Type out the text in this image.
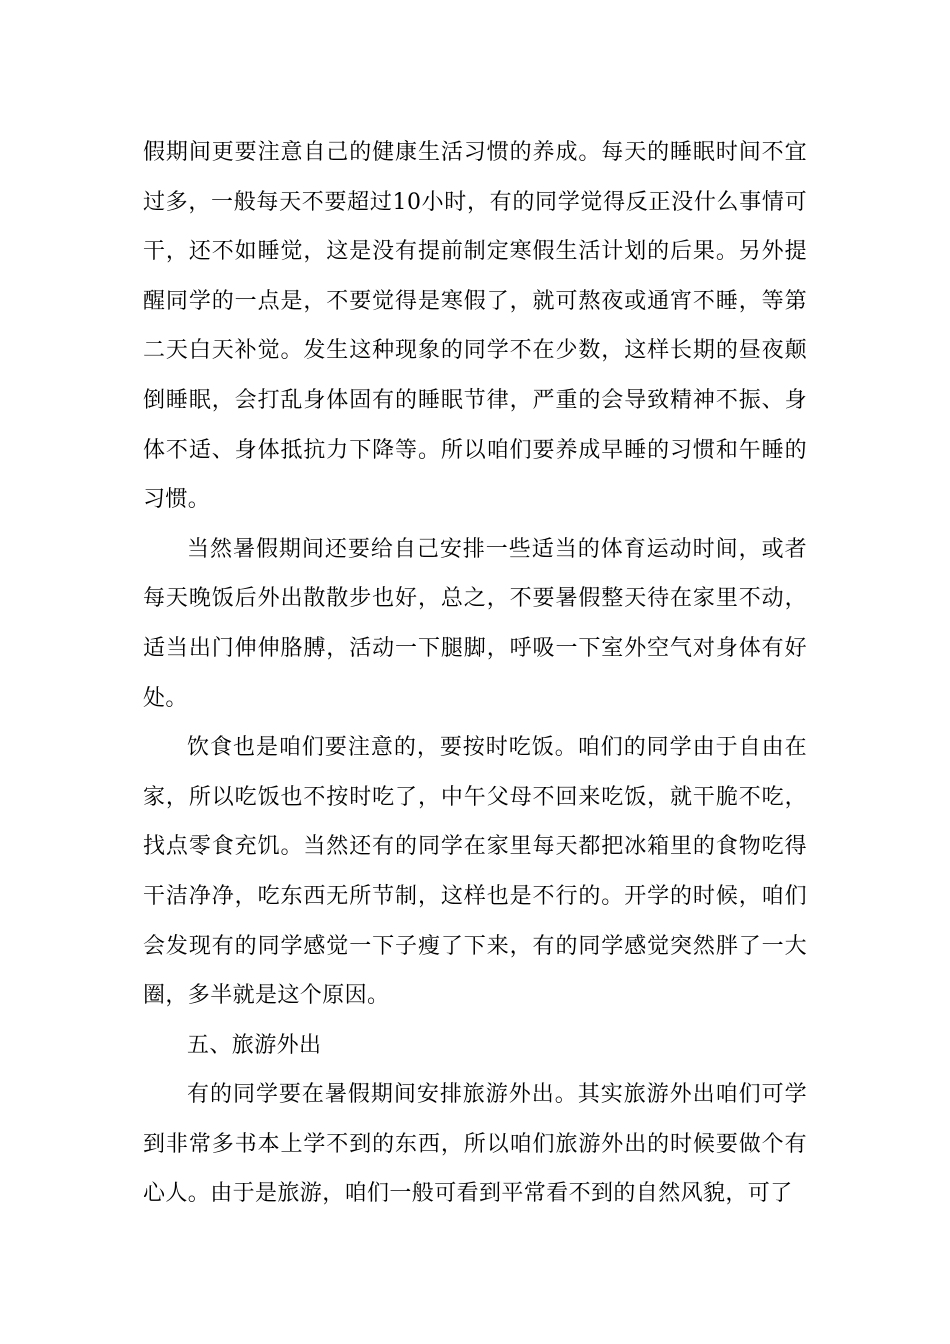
假期间更要注意自己的健康生活习惯的养成。每天的睡眠时间不宜过多，一般每天不要超过10小时，有的同学觉得反正没什么事情可干，还不如睡觉，这是没有提前制定寒假生活计划的后果。另外提醒同学的一点是，不要觉得是寒假了，就可熬夜或通宵不睡，等第二天白天补觉。发生这种现象的同学不在少数，这样长期的昼夜颠倒睡眠，会打乱身体固有的睡眠节律，严重的会导致精神不振、身体不适、身体抵抗力下降等。所以咱们要养成早睡的习惯和午睡的习惯。

当然暑假期间还要给自己安排一些适当的体育运动时间，或者每天晚饭后外出散散步也好，总之，不要暑假整天待在家里不动，适当出门伸伸胳膊，活动一下腿脚，呼吸一下室外空气对身体有好处。

饮食也是咱们要注意的，要按时吃饭。咱们的同学由于自由在家，所以吃饭也不按时吃了，中午父母不回来吃饭，就干脆不吃，找点零食充饥。当然还有的同学在家里每天都把冰箱里的食物吃得干洁净净，吃东西无所节制，这样也是不行的。开学的时候，咱们会发现有的同学感觉一下子瘦了下来，有的同学感觉突然胖了一大圈，多半就是这个原因。

五、旅游外出

有的同学要在暑假期间安排旅游外出。其实旅游外出咱们可学到非常多书本上学不到的东西，所以咱们旅游外出的时候要做个有心人。由于是旅游，咱们一般可看到平常看不到的自然风貌，可了
